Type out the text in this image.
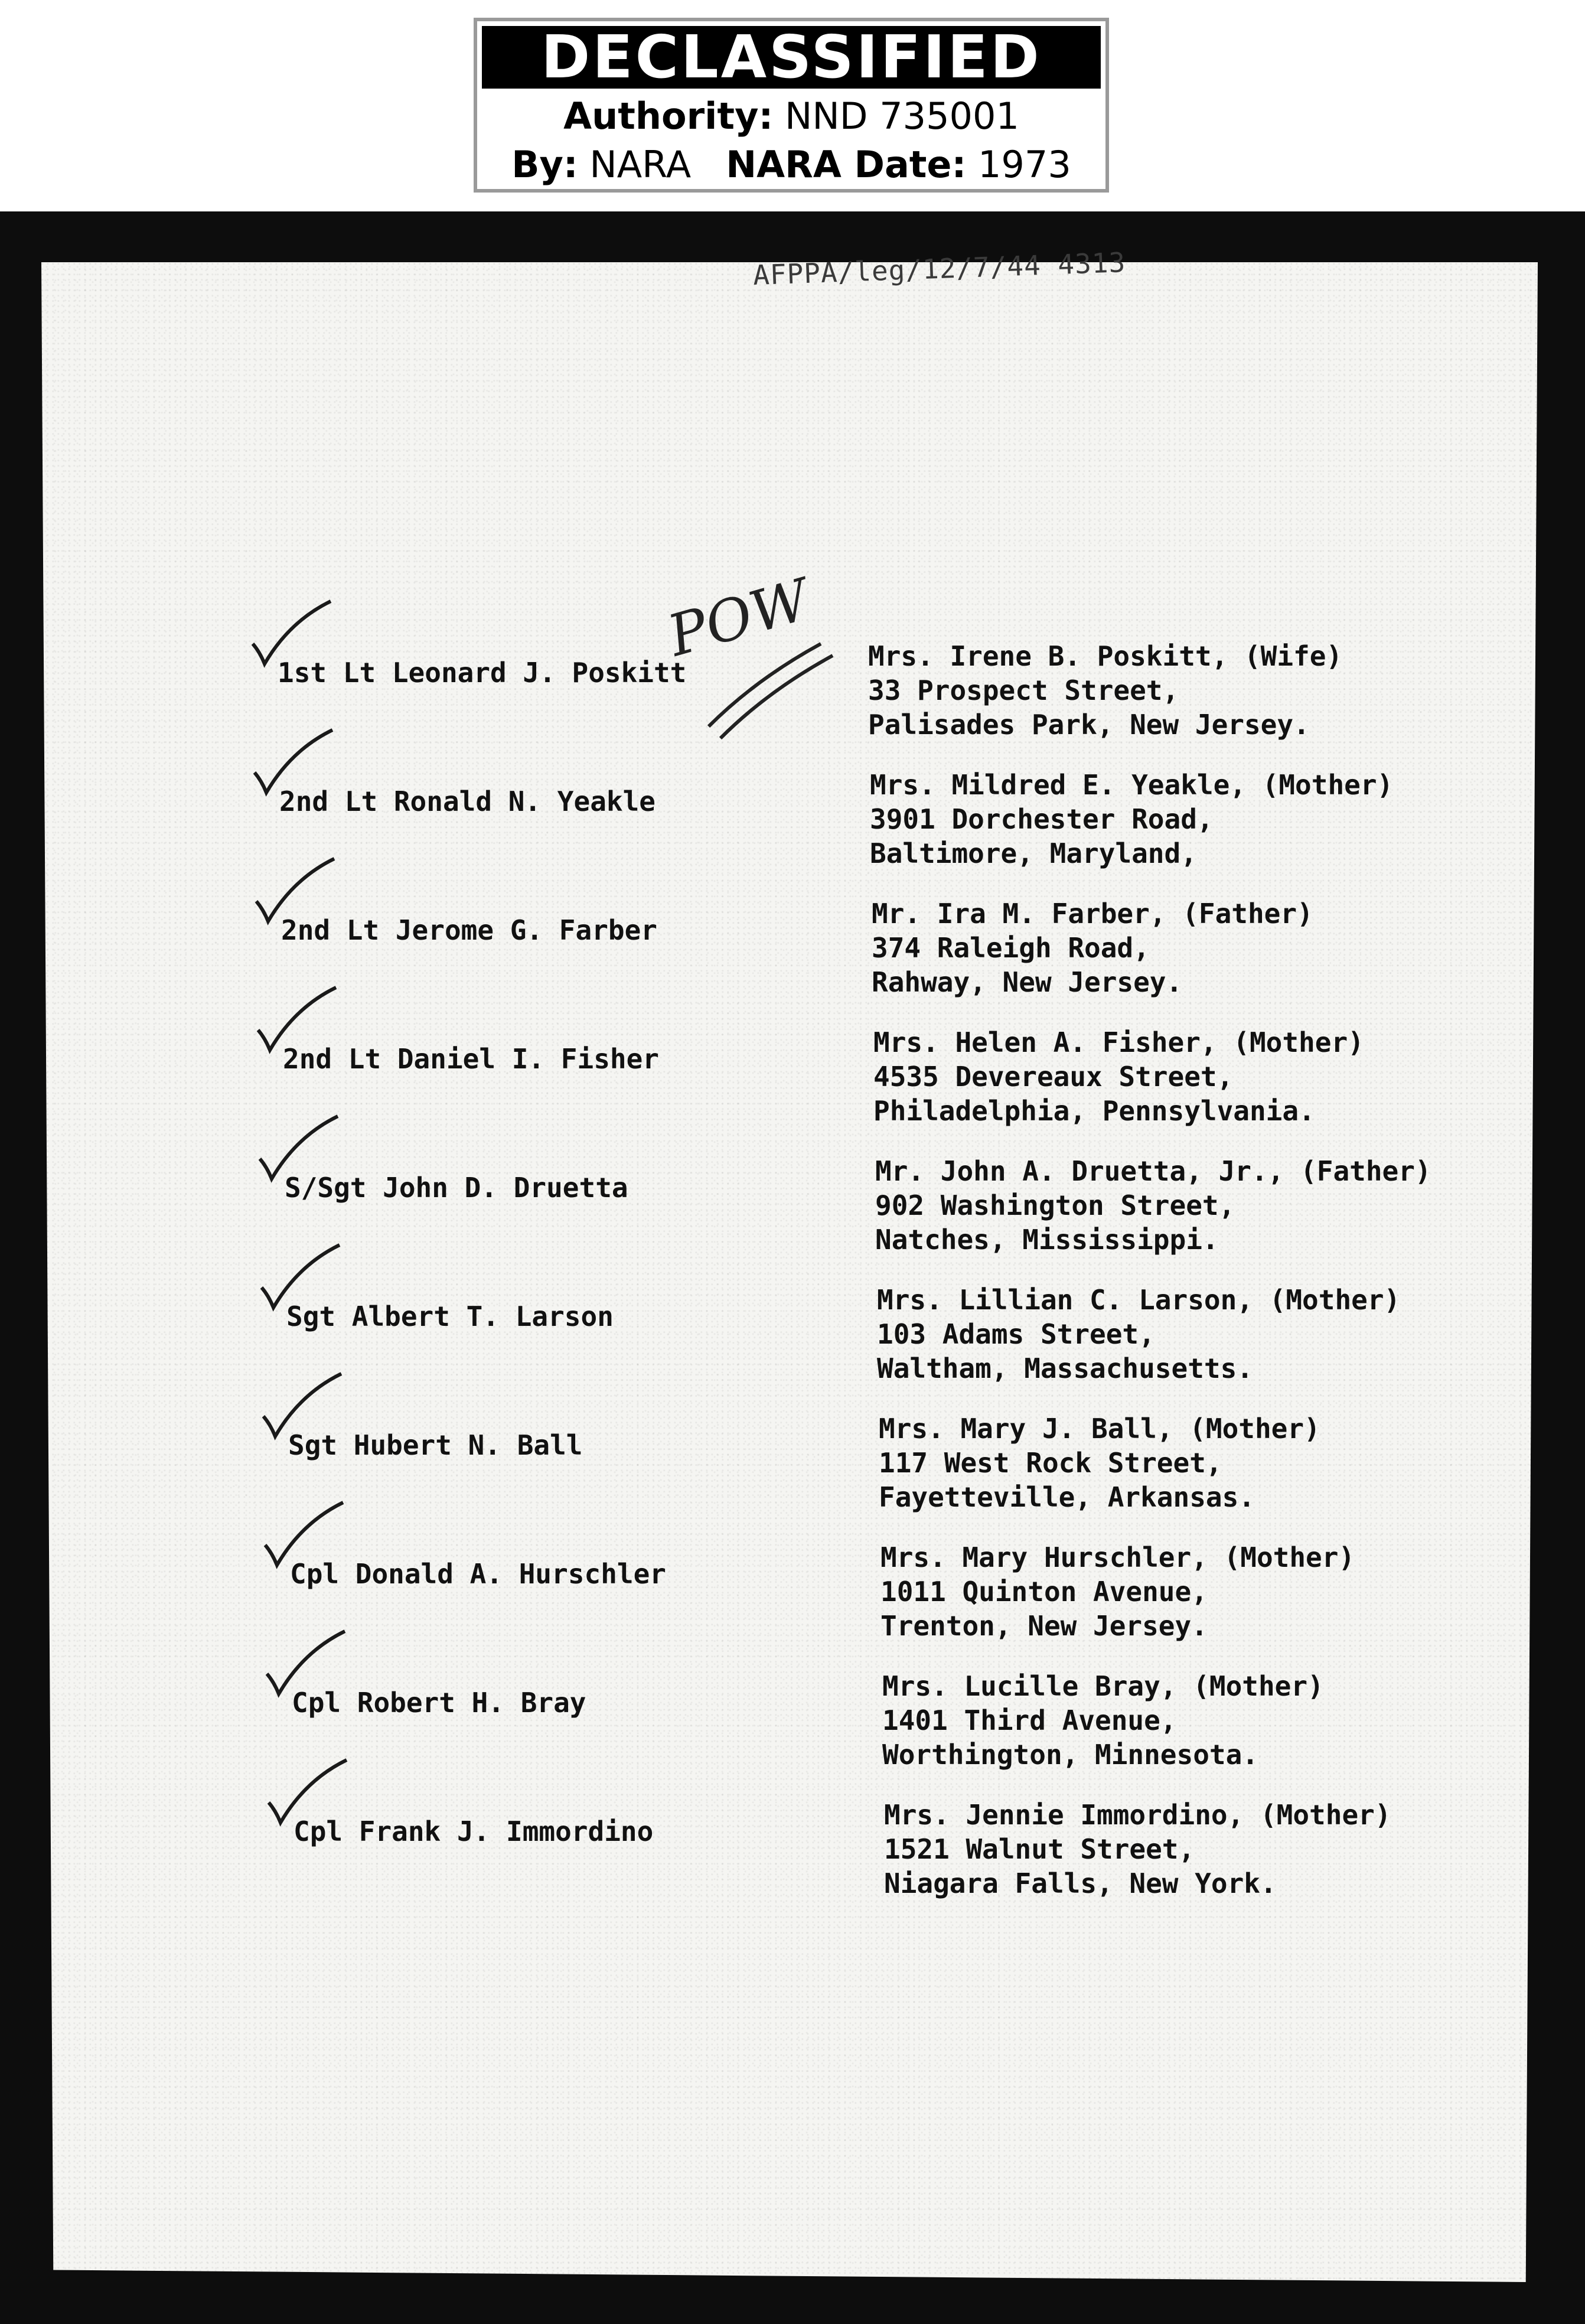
DECLASSIFIED
Authority: NND 735001
By: NARA NARA Date: 1973
AFPPA/leg/12/7/44 4313
POW
1st Lt Leonard J. Poskitt
Mrs. Irene B. Poskitt, (Wife)
33 Prospect Street,
Palisades Park, New Jersey.
2nd Lt Ronald N. Yeakle
Mrs. Mildred E. Yeakle, (Mother)
3901 Dorchester Road,
Baltimore, Maryland,
2nd Lt Jerome G. Farber
Mr. Ira M. Farber, (Father)
374 Raleigh Road,
Rahway, New Jersey.
2nd Lt Daniel I. Fisher
Mrs. Helen A. Fisher, (Mother)
4535 Devereaux Street,
Philadelphia, Pennsylvania.
S/Sgt John D. Druetta
Mr. John A. Druetta, Jr., (Father)
902 Washington Street,
Natches, Mississippi.
Sgt Albert T. Larson
Mrs. Lillian C. Larson, (Mother)
103 Adams Street,
Waltham, Massachusetts.
Sgt Hubert N. Ball
Mrs. Mary J. Ball, (Mother)
117 West Rock Street,
Fayetteville, Arkansas.
Cpl Donald A. Hurschler
Mrs. Mary Hurschler, (Mother)
1011 Quinton Avenue,
Trenton, New Jersey.
Cpl Robert H. Bray
Mrs. Lucille Bray, (Mother)
1401 Third Avenue,
Worthington, Minnesota.
Cpl Frank J. Immordino
Mrs. Jennie Immordino, (Mother)
1521 Walnut Street,
Niagara Falls, New York.
